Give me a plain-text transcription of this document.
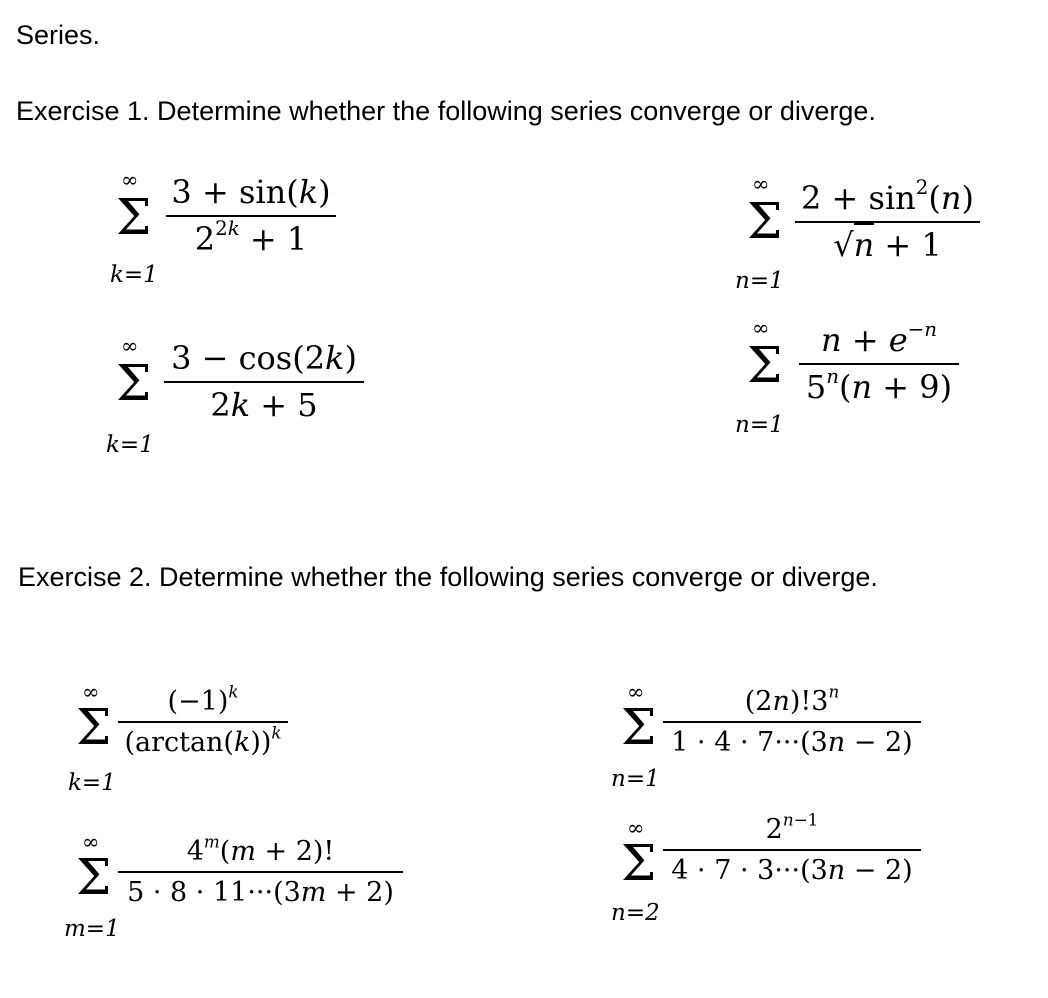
Series.
Exercise 1. Determine whether the following series converge or diverge.
∞
Σ
k=1
3 + sin(k)
$2^{2k} + 1$
∞
Σ
n=1
$2 + \sin^2(n)$
√n + 1
∞
Σ
k=1
3 − cos(2k)
2k + 5
∞
Σ
n=1
$n + e^{-n}$
$5^n(n + 9)$
Exercise 2. Determine whether the following series converge or diverge.
∞
Σ
k=1
$(-1)^k$
$(\arctan(k))^k$
∞
Σ
n=1
(2n)!3$^n$
1 · 4 · 7···(3n − 2)
∞
Σ
m=1
$4^m(m + 2)$!
5 · 8 · 11···(3m + 2)
∞
Σ
n=2
$2^{n-1}$
4 · 7 · 3···(3n − 2)
